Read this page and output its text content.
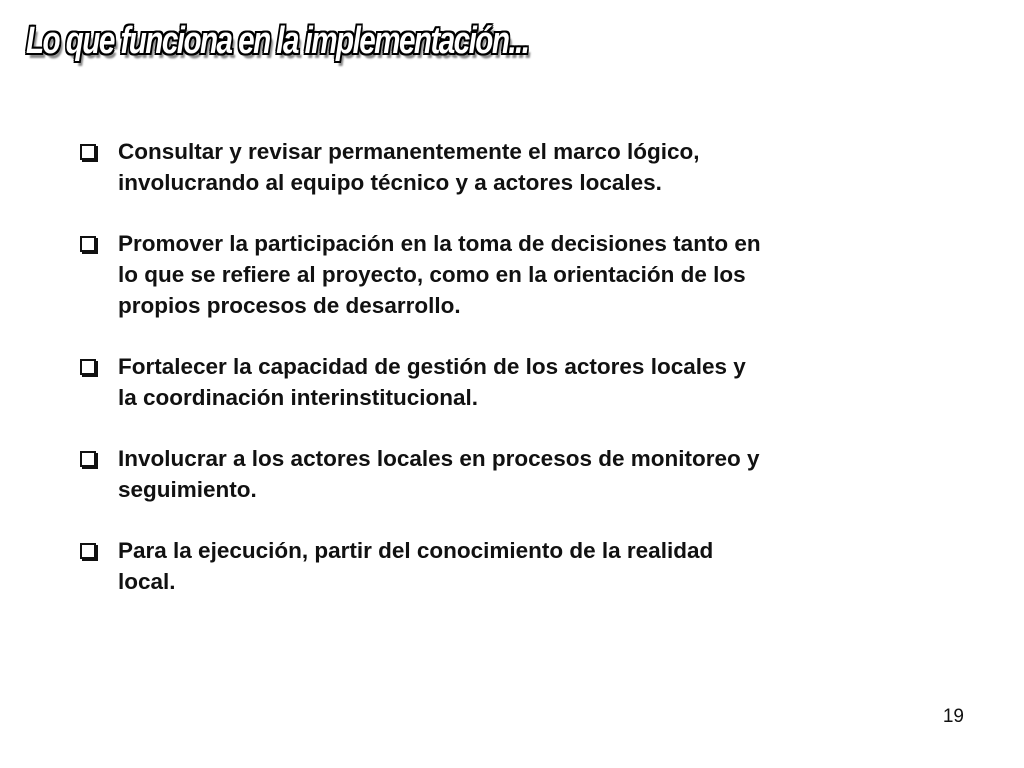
Lo que funciona en la implementación...
Consultar y revisar permanentemente el marco lógico, involucrando al equipo técnico y a actores locales.
Promover la participación en la toma de decisiones tanto en lo que se refiere al proyecto, como en la orientación de los propios procesos de desarrollo.
Fortalecer la capacidad de gestión de los actores locales y la coordinación interinstitucional.
Involucrar a los actores locales en procesos de monitoreo y seguimiento.
Para la ejecución, partir del conocimiento de la realidad local.
19
